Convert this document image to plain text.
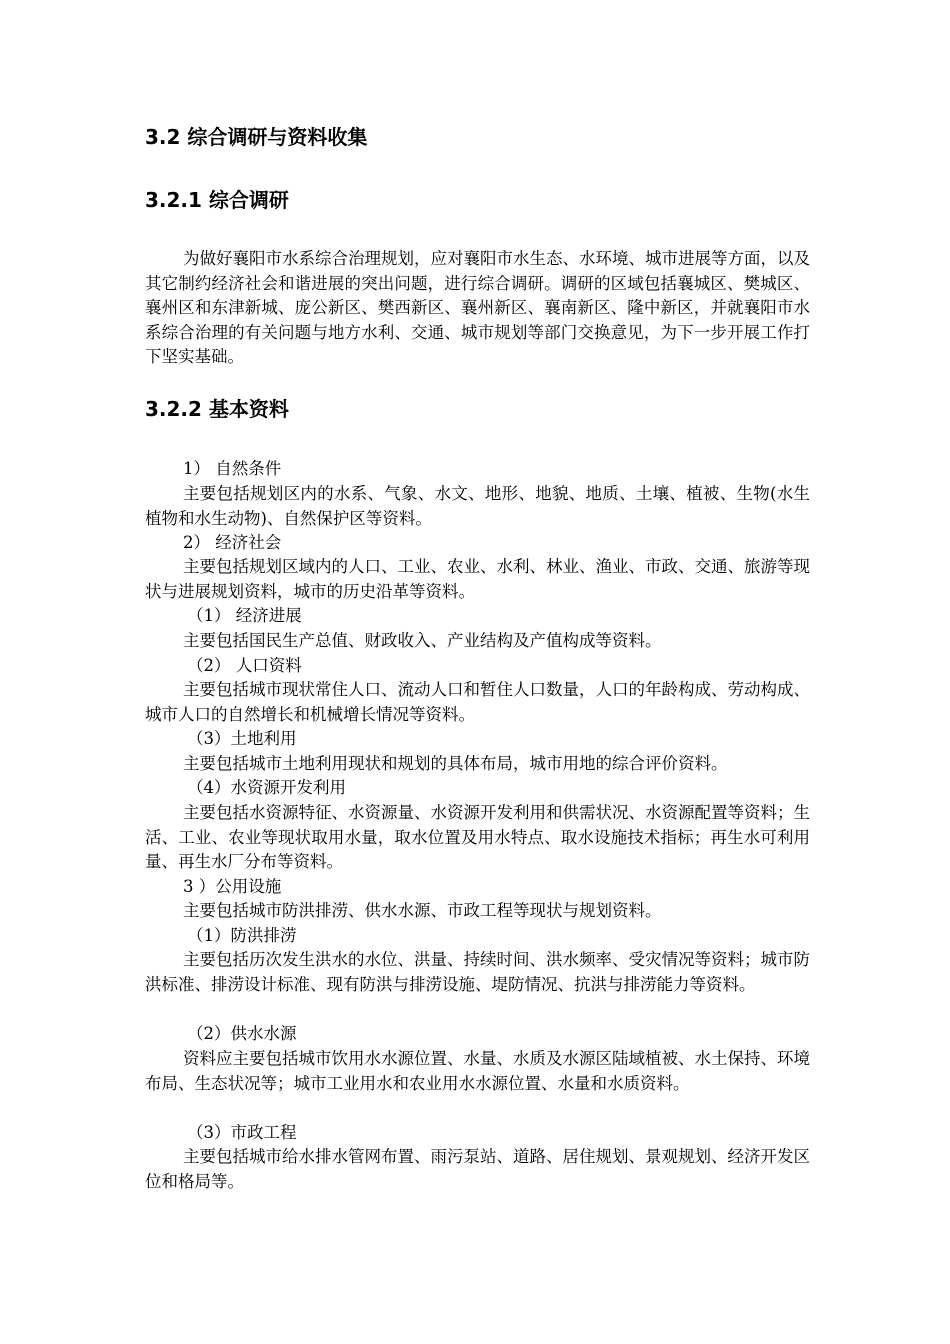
3.2 综合调研与资料收集
3.2.1 综合调研

为做好襄阳市水系综合治理规划，应对襄阳市水生态、水环境、城市进展等方面，以及其它制约经济社会和谐进展的突出问题，进行综合调研。调研的区域包括襄城区、樊城区、襄州区和东津新城、庞公新区、樊西新区、襄州新区、襄南新区、隆中新区，并就襄阳市水系综合治理的有关问题与地方水利、交通、城市规划等部门交换意见，为下一步开展工作打下坚实基础。

3.2.2 基本资料
1） 自然条件

主要包括规划区内的水系、气象、水文、地形、地貌、地质、土壤、植被、生物(水生植物和水生动物)、自然保护区等资料。

2） 经济社会

主要包括规划区域内的人口、工业、农业、水利、林业、渔业、市政、交通、旅游等现状与进展规划资料，城市的历史沿革等资料。

（1） 经济进展

主要包括国民生产总值、财政收入、产业结构及产值构成等资料。

（2） 人口资料

主要包括城市现状常住人口、流动人口和暂住人口数量，人口的年龄构成、劳动构成、城市人口的自然增长和机械增长情况等资料。

（3）土地利用

主要包括城市土地利用现状和规划的具体布局，城市用地的综合评价资料。

（4）水资源开发利用

主要包括水资源特征、水资源量、水资源开发利用和供需状况、水资源配置等资料；生活、工业、农业等现状取用水量，取水位置及用水特点、取水设施技术指标；再生水可利用量、再生水厂分布等资料。

3 ）公用设施

主要包括城市防洪排涝、供水水源、市政工程等现状与规划资料。

（1）防洪排涝

主要包括历次发生洪水的水位、洪量、持续时间、洪水频率、受灾情况等资料；城市防洪标准、排涝设计标准、现有防洪与排涝设施、堤防情况、抗洪与排涝能力等资料。

（2）供水水源

资料应主要包括城市饮用水水源位置、水量、水质及水源区陆域植被、水土保持、环境布局、生态状况等；城市工业用水和农业用水水源位置、水量和水质资料。

（3）市政工程

主要包括城市给水排水管网布置、雨污泵站、道路、居住规划、景观规划、经济开发区位和格局等。
